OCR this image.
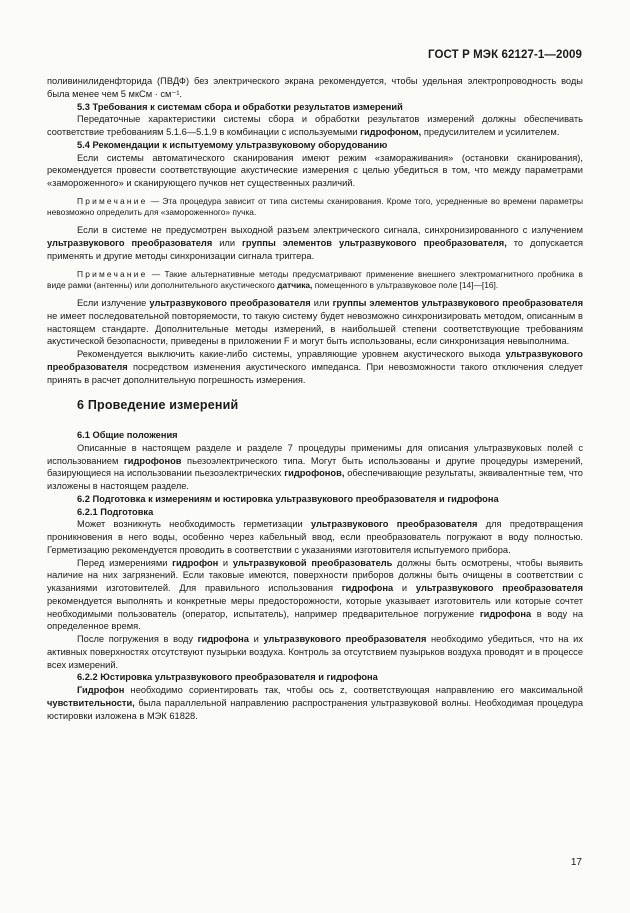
ГОСТ Р МЭК 62127-1—2009

поливинилиденфторида (ПВДФ) без электрического экрана рекомендуется, чтобы удельная электропроводность воды была менее чем 5 мкСм · см⁻¹.

5.3 Требования к системам сбора и обработки результатов измерений

Передаточные характеристики системы сбора и обработки результатов измерений должны обеспечивать соответствие требованиям 5.1.6—5.1.9 в комбинации с используемыми гидрофоном, предусилителем и усилителем.

5.4 Рекомендации к испытуемому ультразвуковому оборудованию

Если системы автоматического сканирования имеют режим «замораживания» (остановки сканирования), рекомендуется провести соответствующие акустические измерения с целью убедиться в том, что между параметрами «замороженного» и сканирующего пучков нет существенных различий.

Примечание — Эта процедура зависит от типа системы сканирования. Кроме того, усредненные во времени параметры невозможно определить для «замороженного» пучка.

Если в системе не предусмотрен выходной разъем электрического сигнала, синхронизированного с излучением ультразвукового преобразователя или группы элементов ультразвукового преобразователя, то допускается применять и другие методы синхронизации сигнала триггера.

Примечание — Такие альтернативные методы предусматривают применение внешнего электромагнитного пробника в виде рамки (антенны) или дополнительного акустического датчика, помещенного в ультразвуковое поле [14]—[16].

Если излучение ультразвукового преобразователя или группы элементов ультразвукового преобразователя не имеет последовательной повторяемости, то такую систему будет невозможно синхронизировать методом, описанным в настоящем стандарте. Дополнительные методы измерений, в наибольшей степени соответствующие требованиям акустической безопасности, приведены в приложении F и могут быть использованы, если синхронизация невыполнима.

Рекомендуется выключить какие-либо системы, управляющие уровнем акустического выхода ультразвукового преобразователя посредством изменения акустического импеданса. При невозможности такого отключения следует принять в расчет дополнительную погрешность измерения.

6 Проведение измерений

6.1 Общие положения

Описанные в настоящем разделе и разделе 7 процедуры применимы для описания ультразвуковых полей с использованием гидрофонов пьезоэлектрического типа. Могут быть использованы и другие процедуры измерений, базирующиеся на использовании пьезоэлектрических гидрофонов, обеспечивающие результаты, эквивалентные тем, что изложены в настоящем разделе.

6.2 Подготовка к измерениям и юстировка ультразвукового преобразователя и гидрофона

6.2.1 Подготовка

Может возникнуть необходимость герметизации ультразвукового преобразователя для предотвращения проникновения в него воды, особенно через кабельный ввод, если преобразователь погружают в воду полностью. Герметизацию рекомендуется проводить в соответствии с указаниями изготовителя испытуемого прибора.

Перед измерениями гидрофон и ультразвуковой преобразователь должны быть осмотрены, чтобы выявить наличие на них загрязнений. Если таковые имеются, поверхности приборов должны быть очищены в соответствии с указаниями изготовителей. Для правильного использования гидрофона и ультразвукового преобразователя рекомендуется выполнять и конкретные меры предосторожности, которые указывает изготовитель или которые сочтет необходимыми пользователь (оператор, испытатель), например предварительное погружение гидрофона в воду на определенное время.

После погружения в воду гидрофона и ультразвукового преобразователя необходимо убедиться, что на их активных поверхностях отсутствуют пузырьки воздуха. Контроль за отсутствием пузырьков воздуха проводят и в процессе всех измерений.

6.2.2 Юстировка ультразвукового преобразователя и гидрофона

Гидрофон необходимо сориентировать так, чтобы ось z, соответствующая направлению его максимальной чувствительности, была параллельной направлению распространения ультразвуковой волны. Необходимая процедура юстировки изложена в МЭК 61828.

17
